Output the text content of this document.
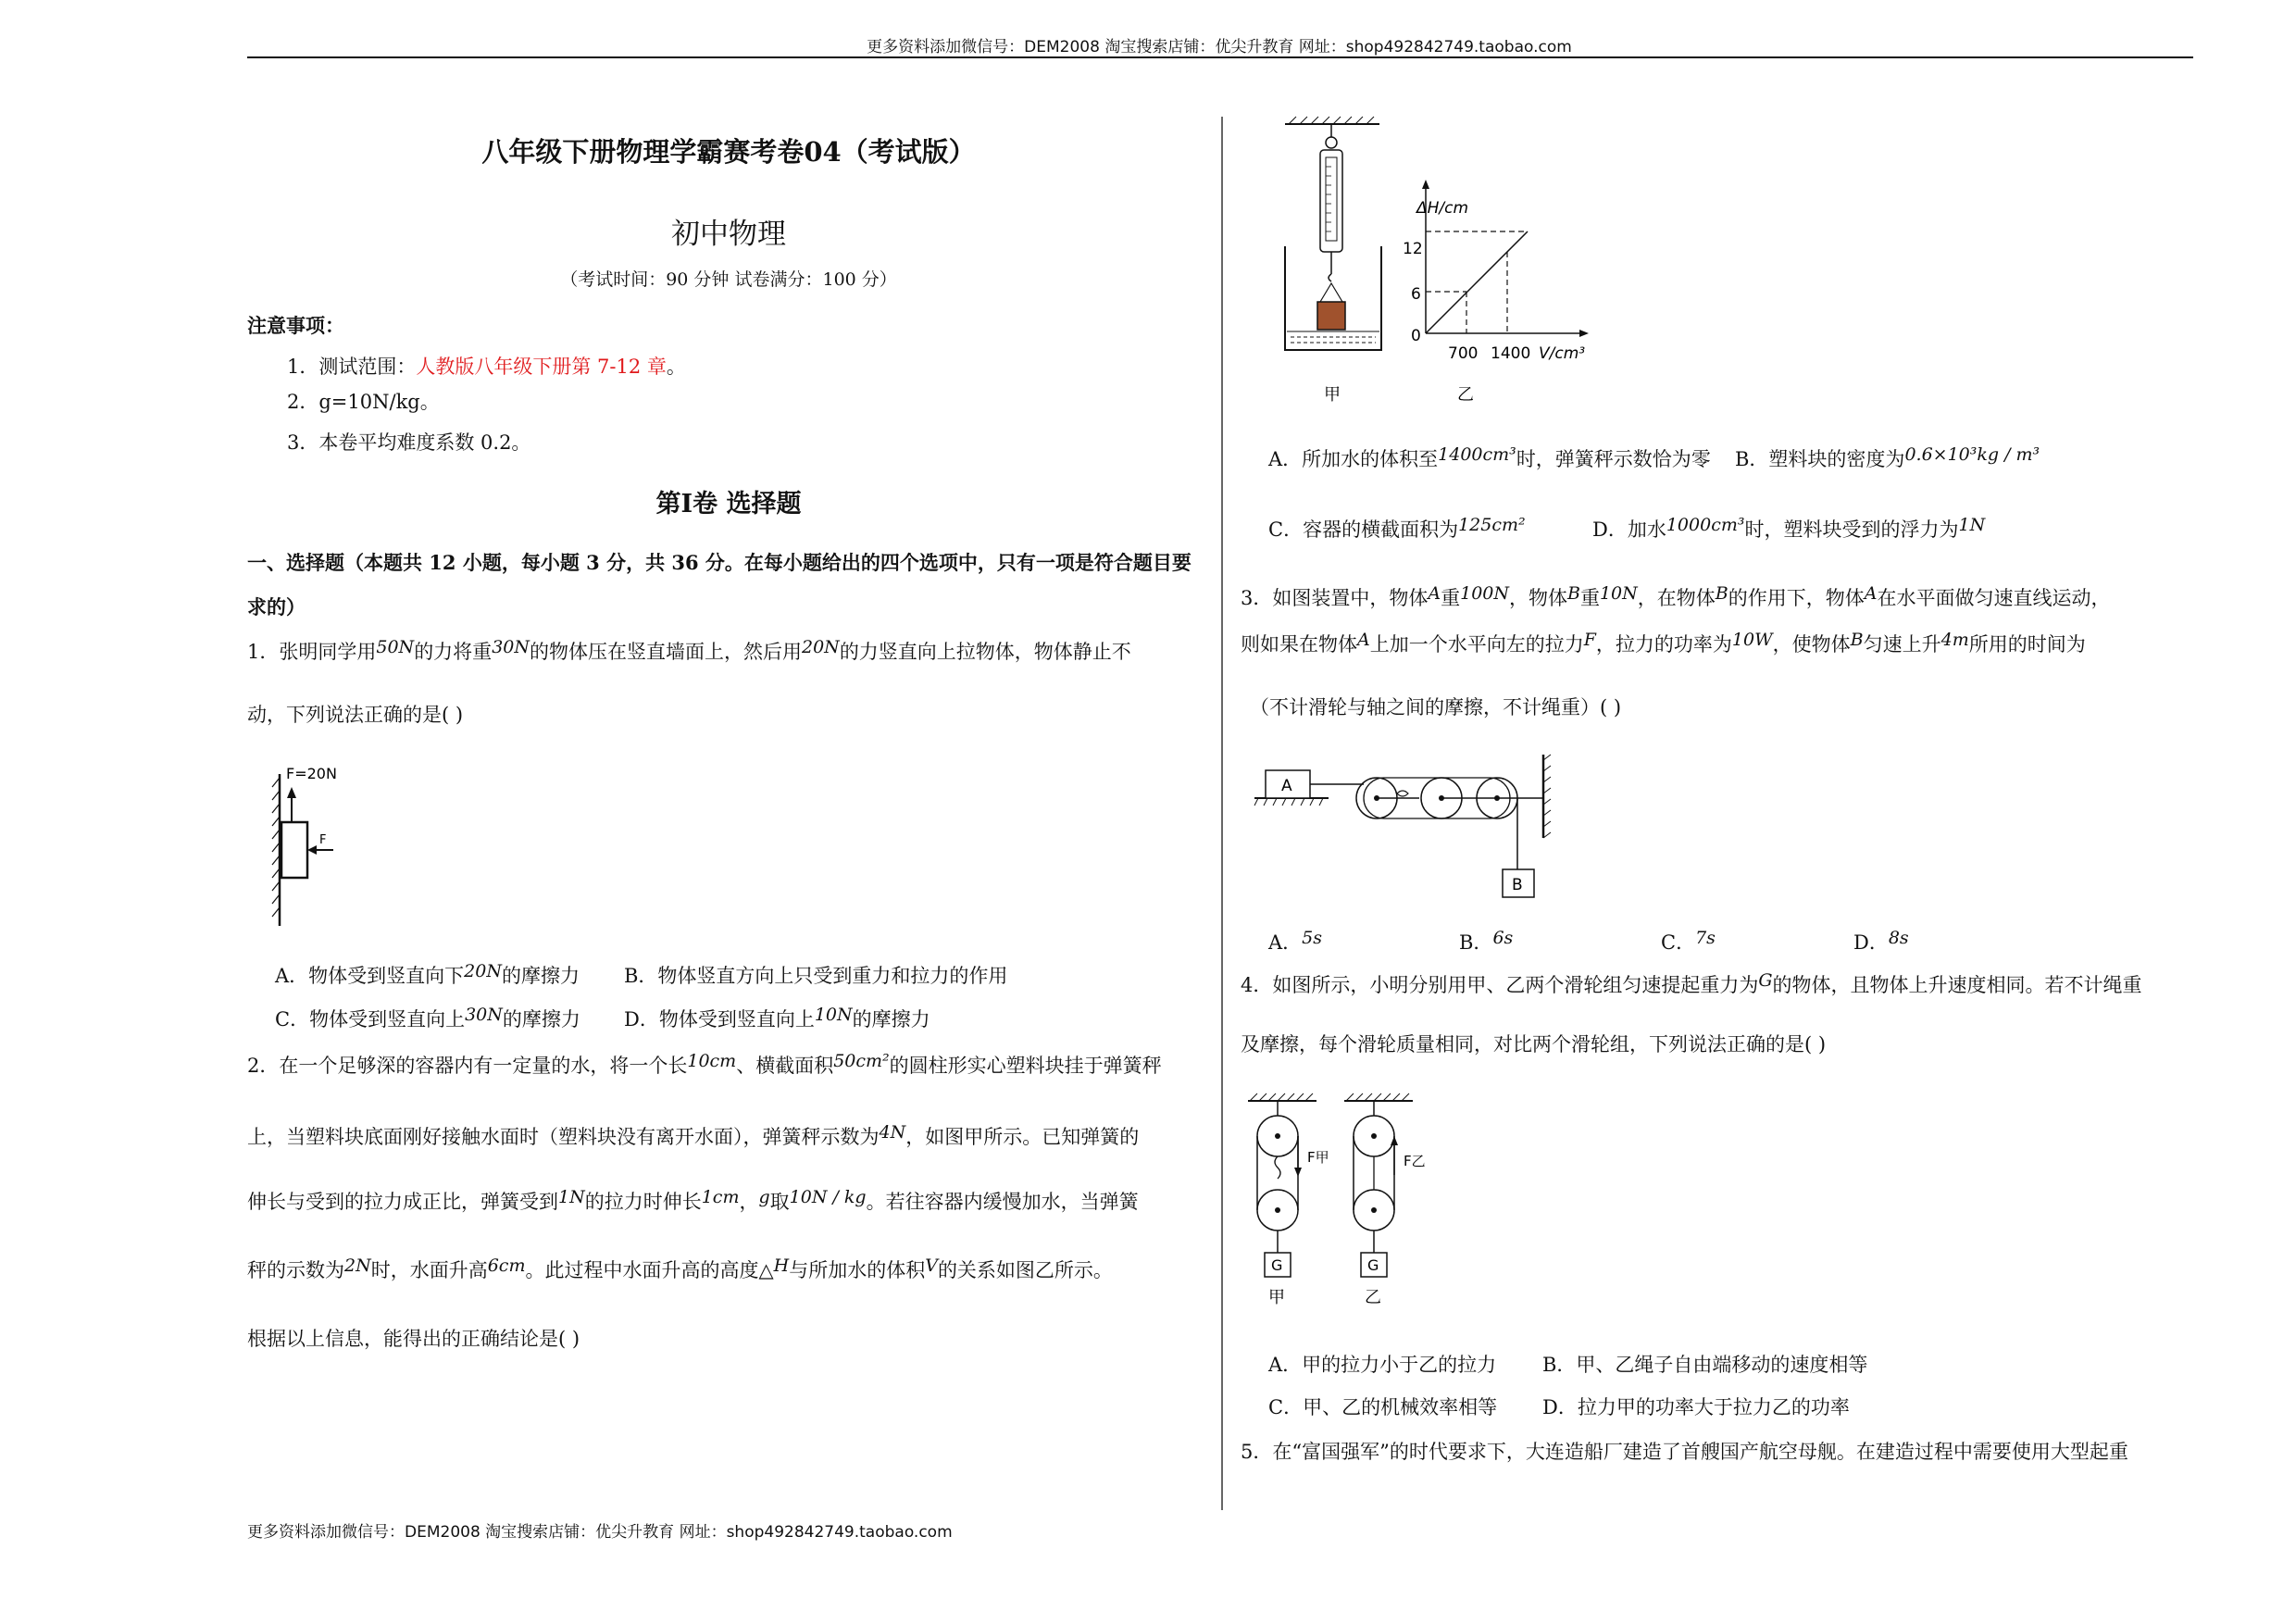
更多资料添加微信号：DEM2008 淘宝搜索店铺：优尖升教育 网址：shop492842749.taobao.com
更多资料添加微信号：DEM2008 淘宝搜索店铺：优尖升教育 网址：shop492842749.taobao.com
八年级下册物理学霸赛考卷04（考试版）
初中物理
（考试时间：90 分钟 试卷满分：100 分）
注意事项：
1．测试范围：人教版八年级下册第 7-12 章。
2．g=10N/kg。
3．本卷平均难度系数 0.2。
第Ⅰ卷 选择题
一、选择题（本题共 12 小题，每小题 3 分，共 36 分。在每小题给出的四个选项中，只有一项是符合题目要
求的）
1．张明同学用50N的力将重30N的物体压在竖直墙面上，然后用20N的力竖直向上拉物体，物体静止不
动，下列说法正确的是( )
F=20N
F
A．物体受到竖直向下20N的摩擦力 B．物体竖直方向上只受到重力和拉力的作用
C．物体受到竖直向上30N的摩擦力 D．物体受到竖直向上10N的摩擦力
2．在一个足够深的容器内有一定量的水，将一个长10cm、横截面积50cm²的圆柱形实心塑料块挂于弹簧秤
上，当塑料块底面刚好接触水面时（塑料块没有离开水面），弹簧秤示数为4N，如图甲所示。已知弹簧的
伸长与受到的拉力成正比，弹簧受到1N的拉力时伸长1cm，g取10N / kg。若往容器内缓慢加水，当弹簧
秤的示数为2N时，水面升高6cm。此过程中水面升高的高度△H与所加水的体积V的关系如图乙所示。
根据以上信息，能得出的正确结论是( )
甲
ΔH/cm
12
6
0
700 1400 V/cm³
乙
A．所加水的体积至1400cm³时，弹簧秤示数恰为零 B．塑料块的密度为0.6×10³kg / m³
C．容器的横截面积为125cm²	D．加水1000cm³时，塑料块受到的浮力为1N
3．如图装置中，物体A重100N，物体B重10N，在物体B的作用下，物体A在水平面做匀速直线运动，
则如果在物体A上加一个水平向左的拉力F，拉力的功率为10W，使物体B匀速上升4m所用的时间为
（不计滑轮与轴之间的摩擦，不计绳重）( )
A
B
A．5s	B．6s	C．7s	D．8s
4．如图所示，小明分别用甲、乙两个滑轮组匀速提起重力为G的物体，且物体上升速度相同。若不计绳重
及摩擦，每个滑轮质量相同，对比两个滑轮组，下列说法正确的是( )
F甲
G
甲
F乙
G
乙
A．甲的拉力小于乙的拉力 B．甲、乙绳子自由端移动的速度相等
C．甲、乙的机械效率相等 D．拉力甲的功率大于拉力乙的功率
5．在“富国强军”的时代要求下，大连造船厂建造了首艘国产航空母舰。在建造过程中需要使用大型起重
